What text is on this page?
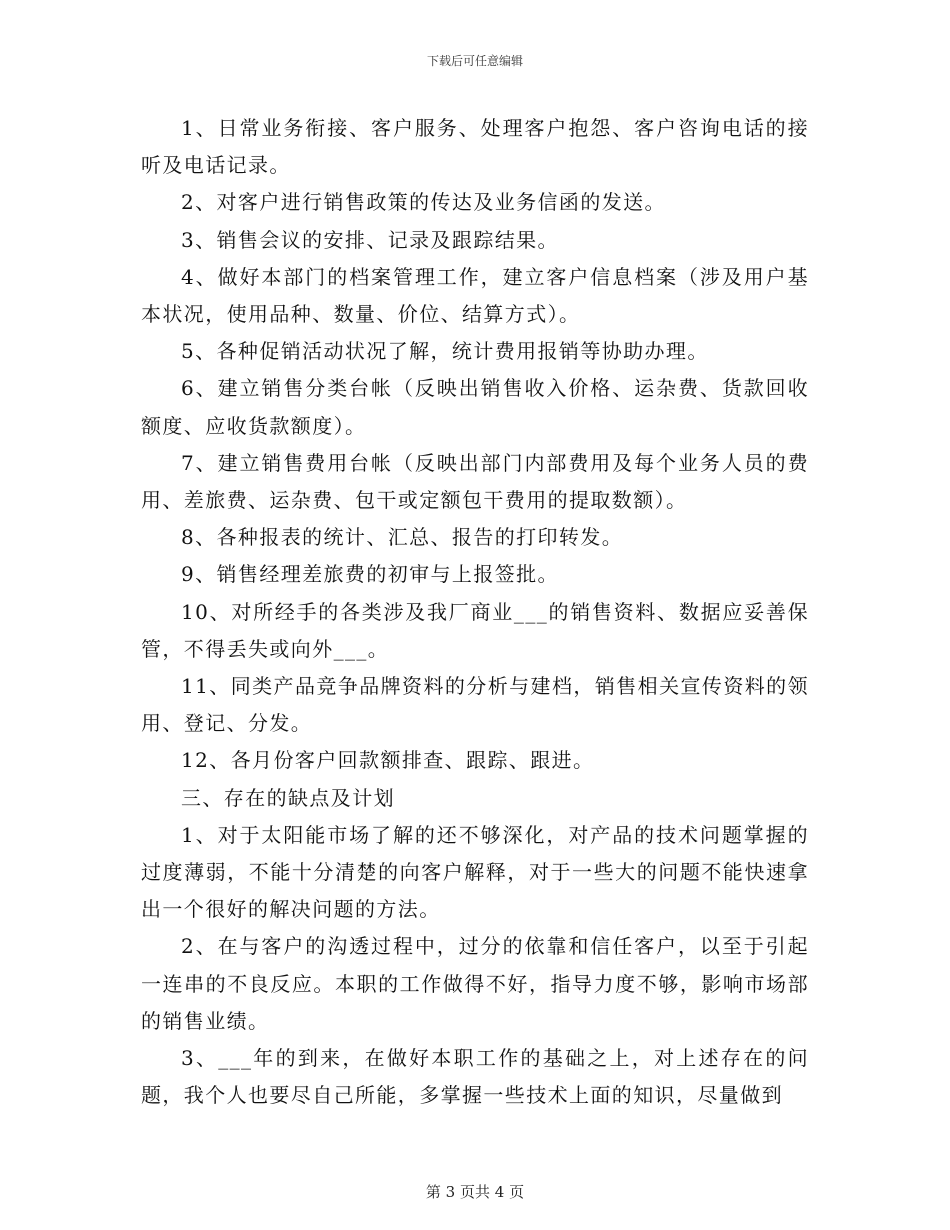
下载后可任意编辑

1、日常业务衔接、客户服务、处理客户抱怨、客户咨询电话的接听及电话记录。

2、对客户进行销售政策的传达及业务信函的发送。

3、销售会议的安排、记录及跟踪结果。

4、做好本部门的档案管理工作，建立客户信息档案（涉及用户基本状况，使用品种、数量、价位、结算方式）。

5、各种促销活动状况了解，统计费用报销等协助办理。

6、建立销售分类台帐（反映出销售收入价格、运杂费、货款回收额度、应收货款额度）。

7、建立销售费用台帐（反映出部门内部费用及每个业务人员的费用、差旅费、运杂费、包干或定额包干费用的提取数额）。

8、各种报表的统计、汇总、报告的打印转发。

9、销售经理差旅费的初审与上报签批。

10、对所经手的各类涉及我厂商业___的销售资料、数据应妥善保管，不得丢失或向外___。

11、同类产品竞争品牌资料的分析与建档，销售相关宣传资料的领用、登记、分发。

12、各月份客户回款额排查、跟踪、跟进。

三、存在的缺点及计划

1、对于太阳能市场了解的还不够深化，对产品的技术问题掌握的过度薄弱，不能十分清楚的向客户解释，对于一些大的问题不能快速拿出一个很好的解决问题的方法。

2、在与客户的沟透过程中，过分的依靠和信任客户，以至于引起一连串的不良反应。本职的工作做得不好，指导力度不够，影响市场部的销售业绩。

3、___年的到来，在做好本职工作的基础之上，对上述存在的问题，我个人也要尽自己所能，多掌握一些技术上面的知识，尽量做到

第 3 页共 4 页
